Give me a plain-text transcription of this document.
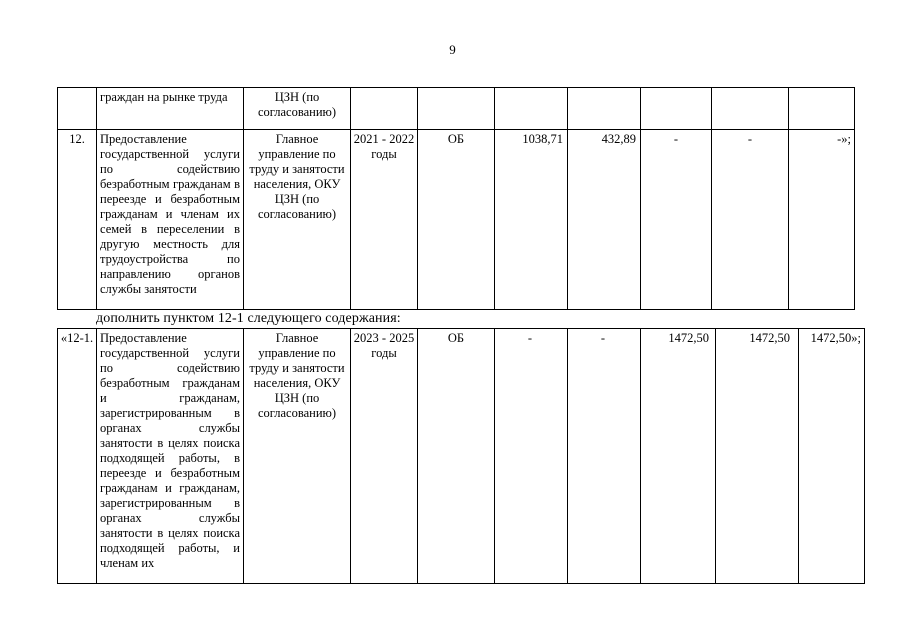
9
	граждан на рынке труда	ЦЗН (по согласованию)							
12.	Предоставление государственной услуги по содействию безработным гражданам в переезде и безработным гражданам и членам их семей в переселении в другую местность для трудоустройства по направлению органов службы занятости	Главное управление по труду и занятости населения, ОКУ ЦЗН (по согласованию)	2021 - 2022 годы	ОБ	1038,71	432,89	-	-	-»;
дополнить пунктом 12-1 следующего содержания:
«12-1.	Предоставление государственной услуги по содействию безработным гражданам и гражданам, зарегистрированным в органах службы занятости в целях поиска подходящей работы, в переезде и безработным гражданам и гражданам, зарегистрированным в органах службы занятости в целях поиска подходящей работы, и членам их	Главное управление по труду и занятости населения, ОКУ ЦЗН (по согласованию)	2023 - 2025 годы	ОБ	-	-	1472,50	1472,50	1472,50»;
